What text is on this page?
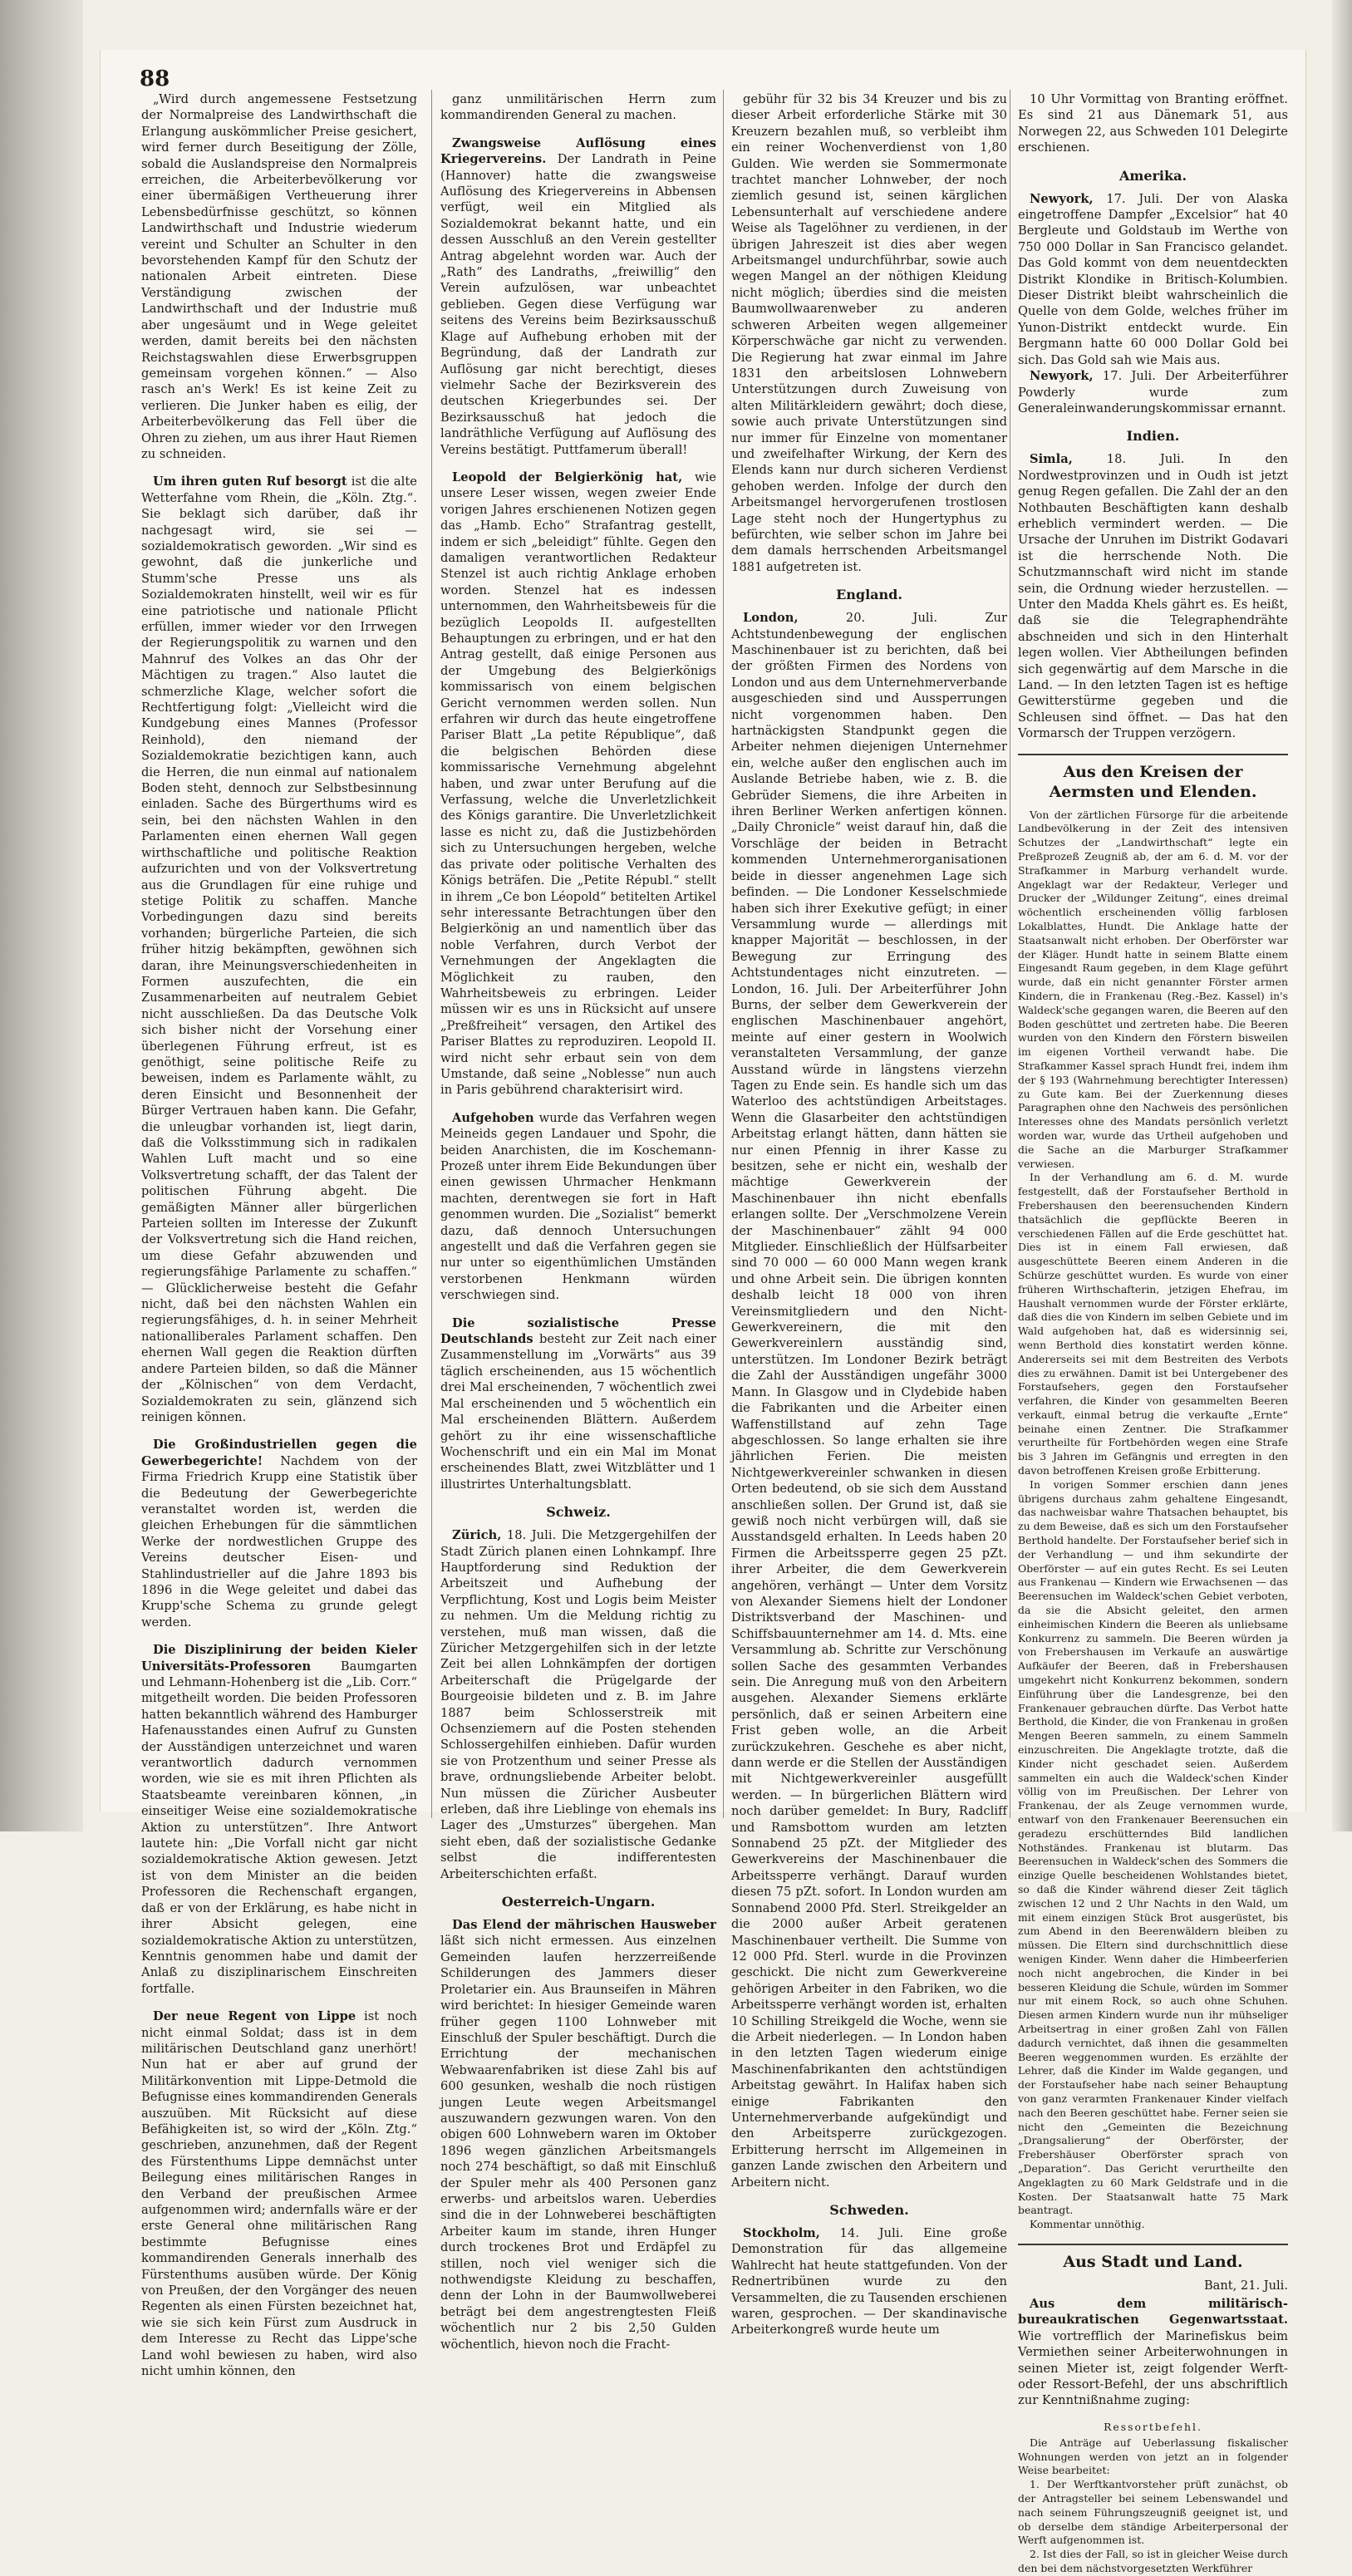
88

„Wird durch angemessene Festsetzung der Normalpreise des Landwirthschaft die Erlangung auskömmlicher Preise gesichert, wird ferner durch Beseitigung der Zölle, sobald die Auslandspreise den Normalpreis erreichen, die Arbeiterbevölkerung vor einer übermäßigen Vertheuerung ihrer Lebensbedürfnisse geschützt, so können Landwirthschaft und Industrie wiederum vereint und Schulter an Schulter in den bevorstehenden Kampf für den Schutz der nationalen Arbeit eintreten. Diese Verständigung zwischen der Landwirthschaft und der Industrie muß aber ungesäumt und in Wege geleitet werden, damit bereits bei den nächsten Reichstagswahlen diese Erwerbsgruppen gemeinsam vorgehen können.“ — Also rasch an's Werk! Es ist keine Zeit zu verlieren. Die Junker haben es eilig, der Arbeiterbevölkerung das Fell über die Ohren zu ziehen, um aus ihrer Haut Riemen zu schneiden.

Um ihren guten Ruf besorgt ist die alte Wetterfahne vom Rhein, die „Köln. Ztg.“. Sie beklagt sich darüber, daß ihr nachgesagt wird, sie sei — sozialdemokratisch geworden. „Wir sind es gewohnt, daß die junkerliche und Stumm'sche Presse uns als Sozialdemokraten hinstellt, weil wir es für eine patriotische und nationale Pflicht erfüllen, immer wieder vor den Irrwegen der Regierungspolitik zu warnen und den Mahnruf des Volkes an das Ohr der Mächtigen zu tragen.“ Also lautet die schmerzliche Klage, welcher sofort die Rechtfertigung folgt: „Vielleicht wird die Kundgebung eines Mannes (Professor Reinhold), den niemand der Sozialdemokratie bezichtigen kann, auch die Herren, die nun einmal auf nationalem Boden steht, dennoch zur Selbstbesinnung einladen. Sache des Bürgerthums wird es sein, bei den nächsten Wahlen in den Parlamenten einen ehernen Wall gegen wirthschaftliche und politische Reaktion aufzurichten und von der Volksvertretung aus die Grundlagen für eine ruhige und stetige Politik zu schaffen. Manche Vorbedingungen dazu sind bereits vorhanden; bürgerliche Parteien, die sich früher hitzig bekämpften, gewöhnen sich daran, ihre Meinungsverschiedenheiten in Formen auszufechten, die ein Zusammenarbeiten auf neutralem Gebiet nicht ausschließen. Da das Deutsche Volk sich bisher nicht der Vorsehung einer überlegenen Führung erfreut, ist es genöthigt, seine politische Reife zu beweisen, indem es Parlamente wählt, zu deren Einsicht und Besonnenheit der Bürger Vertrauen haben kann. Die Gefahr, die unleugbar vorhanden ist, liegt darin, daß die Volksstimmung sich in radikalen Wahlen Luft macht und so eine Volksvertretung schafft, der das Talent der politischen Führung abgeht. Die gemäßigten Männer aller bürgerlichen Parteien sollten im Interesse der Zukunft der Volksvertretung sich die Hand reichen, um diese Gefahr abzuwenden und regierungsfähige Parlamente zu schaffen.“ — Glücklicherweise besteht die Gefahr nicht, daß bei den nächsten Wahlen ein regierungsfähiges, d. h. in seiner Mehrheit nationalliberales Parlament schaffen. Den ehernen Wall gegen die Reaktion dürften andere Parteien bilden, so daß die Männer der „Kölnischen“ von dem Verdacht, Sozialdemokraten zu sein, glänzend sich reinigen können.

Die Großindustriellen gegen die Gewerbegerichte! Nachdem von der Firma Friedrich Krupp eine Statistik über die Bedeutung der Gewerbegerichte veranstaltet worden ist, werden die gleichen Erhebungen für die sämmtlichen Werke der nordwestlichen Gruppe des Vereins deutscher Eisen- und Stahlindustrieller auf die Jahre 1893 bis 1896 in die Wege geleitet und dabei das Krupp'sche Schema zu grunde gelegt werden.

Die Disziplinirung der beiden Kieler Universitäts-Professoren Baumgarten und Lehmann-Hohenberg ist die „Lib. Corr.“ mitgetheilt worden. Die beiden Professoren hatten bekanntlich während des Hamburger Hafenausstandes einen Aufruf zu Gunsten der Ausständigen unterzeichnet und waren verantwortlich dadurch vernommen worden, wie sie es mit ihren Pflichten als Staatsbeamte vereinbaren können, „in einseitiger Weise eine sozialdemokratische Aktion zu unterstützen“. Ihre Antwort lautete hin: „Die Vorfall nicht gar nicht sozialdemokratische Aktion gewesen. Jetzt ist von dem Minister an die beiden Professoren die Rechenschaft ergangen, daß er von der Erklärung, es habe nicht in ihrer Absicht gelegen, eine sozialdemokratische Aktion zu unterstützen, Kenntnis genommen habe und damit der Anlaß zu disziplinarischem Einschreiten fortfalle.

Der neue Regent von Lippe ist noch nicht einmal Soldat; dass ist in dem militärischen Deutschland ganz unerhört! Nun hat er aber auf grund der Militärkonvention mit Lippe-Detmold die Befugnisse eines kommandirenden Generals auszuüben. Mit Rücksicht auf diese Befähigkeiten ist, so wird der „Köln. Ztg.“ geschrieben, anzunehmen, daß der Regent des Fürstenthums Lippe demnächst unter Beilegung eines militärischen Ranges in den Verband der preußischen Armee aufgenommen wird; andernfalls wäre er der erste General ohne militärischen Rang bestimmte Befugnisse eines kommandirenden Generals innerhalb des Fürstenthums ausüben würde. Der König von Preußen, der den Vorgänger des neuen Regenten als einen Fürsten bezeichnet hat, wie sie sich kein Fürst zum Ausdruck in dem Interesse zu Recht das Lippe'sche Land wohl bewiesen zu haben, wird also nicht umhin können, den

ganz unmilitärischen Herrn zum kommandirenden General zu machen.

Zwangsweise Auflösung eines Kriegervereins. Der Landrath in Peine (Hannover) hatte die zwangsweise Auflösung des Kriegervereins in Abbensen verfügt, weil ein Mitglied als Sozialdemokrat bekannt hatte, und ein dessen Ausschluß an den Verein gestellter Antrag abgelehnt worden war. Auch der „Rath“ des Landraths, „freiwillig“ den Verein aufzulösen, war unbeachtet geblieben. Gegen diese Verfügung war seitens des Vereins beim Bezirksausschuß Klage auf Aufhebung erhoben mit der Begründung, daß der Landrath zur Auflösung gar nicht berechtigt, dieses vielmehr Sache der Bezirksverein des deutschen Kriegerbundes sei. Der Bezirksausschuß hat jedoch die landräthliche Verfügung auf Auflösung des Vereins bestätigt. Puttfamerum überall!

Leopold der Belgierkönig hat, wie unsere Leser wissen, wegen zweier Ende vorigen Jahres erschienenen Notizen gegen das „Hamb. Echo“ Strafantrag gestellt, indem er sich „beleidigt“ fühlte. Gegen den damaligen verantwortlichen Redakteur Stenzel ist auch richtig Anklage erhoben worden. Stenzel hat es indessen unternommen, den Wahrheitsbeweis für die bezüglich Leopolds II. aufgestellten Behauptungen zu erbringen, und er hat den Antrag gestellt, daß einige Personen aus der Umgebung des Belgierkönigs kommissarisch von einem belgischen Gericht vernommen werden sollen. Nun erfahren wir durch das heute eingetroffene Pariser Blatt „La petite République“, daß die belgischen Behörden diese kommissarische Vernehmung abgelehnt haben, und zwar unter Berufung auf die Verfassung, welche die Unverletzlichkeit des Königs garantire. Die Unverletzlichkeit lasse es nicht zu, daß die Justizbehörden sich zu Untersuchungen hergeben, welche das private oder politische Verhalten des Königs beträfen. Die „Petite Républ.“ stellt in ihrem „Ce bon Léopold“ betitelten Artikel sehr interessante Betrachtungen über den Belgierkönig an und namentlich über das noble Verfahren, durch Verbot der Vernehmungen der Angeklagten die Möglichkeit zu rauben, den Wahrheitsbeweis zu erbringen. Leider müssen wir es uns in Rücksicht auf unsere „Preßfreiheit“ versagen, den Artikel des Pariser Blattes zu reproduziren. Leopold II. wird nicht sehr erbaut sein von dem Umstande, daß seine „Noblesse“ nun auch in Paris gebührend charakterisirt wird.

Aufgehoben wurde das Verfahren wegen Meineids gegen Landauer und Spohr, die beiden Anarchisten, die im Koschemann-Prozeß unter ihrem Eide Bekundungen über einen gewissen Uhrmacher Henkmann machten, derentwegen sie fort in Haft genommen wurden. Die „Sozialist“ bemerkt dazu, daß dennoch Untersuchungen angestellt und daß die Verfahren gegen sie nur unter so eigenthümlichen Umständen verstorbenen Henkmann würden verschwiegen sind.

Die sozialistische Presse Deutschlands besteht zur Zeit nach einer Zusammenstellung im „Vorwärts“ aus 39 täglich erscheinenden, aus 15 wöchentlich drei Mal erscheinenden, 7 wöchentlich zwei Mal erscheinenden und 5 wöchentlich ein Mal erscheinenden Blättern. Außerdem gehört zu ihr eine wissenschaftliche Wochenschrift und ein ein Mal im Monat erscheinendes Blatt, zwei Witzblätter und 1 illustrirtes Unterhaltungsblatt.

Schweiz.

Zürich, 18. Juli. Die Metzgergehilfen der Stadt Zürich planen einen Lohnkampf. Ihre Hauptforderung sind Reduktion der Arbeitszeit und Aufhebung der Verpflichtung, Kost und Logis beim Meister zu nehmen. Um die Meldung richtig zu verstehen, muß man wissen, daß die Züricher Metzgergehilfen sich in der letzte Zeit bei allen Lohnkämpfen der dortigen Arbeiterschaft die Prügelgarde der Bourgeoisie bildeten und z. B. im Jahre 1887 beim Schlosserstreik mit Ochsenziemern auf die Posten stehenden Schlossergehilfen einhieben. Dafür wurden sie von Protzenthum und seiner Presse als brave, ordnungsliebende Arbeiter belobt. Nun müssen die Züricher Ausbeuter erleben, daß ihre Lieblinge von ehemals ins Lager des „Umsturzes“ übergehen. Man sieht eben, daß der sozialistische Gedanke selbst die indifferentesten Arbeiterschichten erfaßt.

Oesterreich-Ungarn.

Das Elend der mährischen Hausweber läßt sich nicht ermessen. Aus einzelnen Gemeinden laufen herzzerreißende Schilderungen des Jammers dieser Proletarier ein. Aus Braunseifen in Mähren wird berichtet: In hiesiger Gemeinde waren früher gegen 1100 Lohnweber mit Einschluß der Spuler beschäftigt. Durch die Errichtung der mechanischen Webwaarenfabriken ist diese Zahl bis auf 600 gesunken, weshalb die noch rüstigen jungen Leute wegen Arbeitsmangel auszuwandern gezwungen waren. Von den obigen 600 Lohnwebern waren im Oktober 1896 wegen gänzlichen Arbeitsmangels noch 274 beschäftigt, so daß mit Einschluß der Spuler mehr als 400 Personen ganz erwerbs- und arbeitslos waren. Ueberdies sind die in der Lohnweberei beschäftigten Arbeiter kaum im stande, ihren Hunger durch trockenes Brot und Erdäpfel zu stillen, noch viel weniger sich die nothwendigste Kleidung zu beschaffen, denn der Lohn in der Baumwollweberei beträgt bei dem angestrengtesten Fleiß wöchentlich nur 2 bis 2,50 Gulden wöchentlich, hievon noch die Fracht-

gebühr für 32 bis 34 Kreuzer und bis zu dieser Arbeit erforderliche Stärke mit 30 Kreuzern bezahlen muß, so verbleibt ihm ein reiner Wochenverdienst von 1,80 Gulden. Wie werden sie Sommermonate trachtet mancher Lohnweber, der noch ziemlich gesund ist, seinen kärglichen Lebensunterhalt auf verschiedene andere Weise als Tagelöhner zu verdienen, in der übrigen Jahreszeit ist dies aber wegen Arbeitsmangel undurchführbar, sowie auch wegen Mangel an der nöthigen Kleidung nicht möglich; überdies sind die meisten Baumwollwaarenweber zu anderen schweren Arbeiten wegen allgemeiner Körperschwäche gar nicht zu verwenden. Die Regierung hat zwar einmal im Jahre 1831 den arbeitslosen Lohnwebern Unterstützungen durch Zuweisung von alten Militärkleidern gewährt; doch diese, sowie auch private Unterstützungen sind nur immer für Einzelne von momentaner und zweifelhafter Wirkung, der Kern des Elends kann nur durch sicheren Verdienst gehoben werden. Infolge der durch den Arbeitsmangel hervorgerufenen trostlosen Lage steht noch der Hungertyphus zu befürchten, wie selber schon im Jahre bei dem damals herrschenden Arbeitsmangel 1881 aufgetreten ist.

England.

London, 20. Juli. Zur Achtstundenbewegung der englischen Maschinenbauer ist zu berichten, daß bei der größten Firmen des Nordens von London und aus dem Unternehmerverbande ausgeschieden sind und Aussperrungen nicht vorgenommen haben. Den hartnäckigsten Standpunkt gegen die Arbeiter nehmen diejenigen Unternehmer ein, welche außer den englischen auch im Auslande Betriebe haben, wie z. B. die Gebrüder Siemens, die ihre Arbeiten in ihren Berliner Werken anfertigen können. „Daily Chronicle“ weist darauf hin, daß die Vorschläge der beiden in Betracht kommenden Unternehmerorganisationen beide in diesser angenehmen Lage sich befinden. — Die Londoner Kesselschmiede haben sich ihrer Exekutive gefügt; in einer Versammlung wurde — allerdings mit knapper Majorität — beschlossen, in der Bewegung zur Erringung des Achtstundentages nicht einzutreten. — London, 16. Juli. Der Arbeiterführer John Burns, der selber dem Gewerkverein der englischen Maschinenbauer angehört, meinte auf einer gestern in Woolwich veranstalteten Versammlung, der ganze Ausstand würde in längstens vierzehn Tagen zu Ende sein. Es handle sich um das Waterloo des achtstündigen Arbeitstages. Wenn die Glasarbeiter den achtstündigen Arbeitstag erlangt hätten, dann hätten sie nur einen Pfennig in ihrer Kasse zu besitzen, sehe er nicht ein, weshalb der mächtige Gewerkverein der Maschinenbauer ihn nicht ebenfalls erlangen sollte. Der „Verschmolzene Verein der Maschinenbauer“ zählt 94 000 Mitglieder. Einschließlich der Hülfsarbeiter sind 70 000 — 60 000 Mann wegen krank und ohne Arbeit sein. Die übrigen konnten deshalb leicht 18 000 von ihren Vereinsmitgliedern und den Nicht-Gewerkvereinern, die mit den Gewerkvereinlern ausständig sind, unterstützen. Im Londoner Bezirk beträgt die Zahl der Ausständigen ungefähr 3000 Mann. In Glasgow und in Clydebide haben die Fabrikanten und die Arbeiter einen Waffenstillstand auf zehn Tage abgeschlossen. So lange erhalten sie ihre jährlichen Ferien. Die meisten Nichtgewerkvereinler schwanken in diesen Orten bedeutend, ob sie sich dem Ausstand anschließen sollen. Der Grund ist, daß sie gewiß noch nicht verbürgen will, daß sie Ausstandsgeld erhalten. In Leeds haben 20 Firmen die Arbeitssperre gegen 25 pZt. ihrer Arbeiter, die dem Gewerkverein angehören, verhängt — Unter dem Vorsitz von Alexander Siemens hielt der Londoner Distriktsverband der Maschinen- und Schiffsbauunternehmer am 14. d. Mts. eine Versammlung ab. Schritte zur Verschönung sollen Sache des gesammten Verbandes sein. Die Anregung muß von den Arbeitern ausgehen. Alexander Siemens erklärte persönlich, daß er seinen Arbeitern eine Frist geben wolle, an die Arbeit zurückzukehren. Geschehe es aber nicht, dann werde er die Stellen der Ausständigen mit Nichtgewerkvereinler ausgefüllt werden. — In bürgerlichen Blättern wird noch darüber gemeldet: In Bury, Radcliff und Ramsbottom wurden am letzten Sonnabend 25 pZt. der Mitglieder des Gewerkvereins der Maschinenbauer die Arbeitssperre verhängt. Darauf wurden diesen 75 pZt. sofort. In London wurden am Sonnabend 2000 Pfd. Sterl. Streikgelder an die 2000 außer Arbeit geratenen Maschinenbauer vertheilt. Die Summe von 12 000 Pfd. Sterl. wurde in die Provinzen geschickt. Die nicht zum Gewerkvereine gehörigen Arbeiter in den Fabriken, wo die Arbeitssperre verhängt worden ist, erhalten 10 Schilling Streikgeld die Woche, wenn sie die Arbeit niederlegen. — In London haben in den letzten Tagen wiederum einige Maschinenfabrikanten den achtstündigen Arbeitstag gewährt. In Halifax haben sich einige Fabrikanten den Unternehmerverbande aufgekündigt und den Arbeitsperre zurückgezogen. Erbitterung herrscht im Allgemeinen in ganzen Lande zwischen den Arbeitern und Arbeitern nicht.

Schweden.

Stockholm, 14. Juli. Eine große Demonstration für das allgemeine Wahlrecht hat heute stattgefunden. Von der Rednertribünen wurde zu den Versammelten, die zu Tausenden erschienen waren, gesprochen. — Der skandinavische Arbeiterkongreß wurde heute um

10 Uhr Vormittag von Branting eröffnet. Es sind 21 aus Dänemark 51, aus Norwegen 22, aus Schweden 101 Delegirte erschienen.

Amerika.

Newyork, 17. Juli. Der von Alaska eingetroffene Dampfer „Excelsior“ hat 40 Bergleute und Goldstaub im Werthe von 750 000 Dollar in San Francisco gelandet. Das Gold kommt von dem neuentdeckten Distrikt Klondike in Britisch-Kolumbien. Dieser Distrikt bleibt wahrscheinlich die Quelle von dem Golde, welches früher im Yunon-Distrikt entdeckt wurde. Ein Bergmann hatte 60 000 Dollar Gold bei sich. Das Gold sah wie Mais aus.

Newyork, 17. Juli. Der Arbeiterführer Powderly wurde zum Generaleinwanderungskommissar ernannt.

Indien.

Simla, 18. Juli. In den Nordwestprovinzen und in Oudh ist jetzt genug Regen gefallen. Die Zahl der an den Nothbauten Beschäftigten kann deshalb erheblich vermindert werden. — Die Ursache der Unruhen im Distrikt Godavari ist die herrschende Noth. Die Schutzmannschaft wird nicht im stande sein, die Ordnung wieder herzustellen. — Unter den Madda Khels gährt es. Es heißt, daß sie die Telegraphendrähte abschneiden und sich in den Hinterhalt legen wollen. Vier Abtheilungen befinden sich gegenwärtig auf dem Marsche in die Land. — In den letzten Tagen ist es heftige Gewitterstürme gegeben und die Schleusen sind öffnet. — Das hat den Vormarsch der Truppen verzögern.

Aus den Kreisen der Aermsten und Elenden.

Von der zärtlichen Fürsorge für die arbeitende Landbevölkerung in der Zeit des intensiven Schutzes der „Landwirthschaft“ legte ein Preßprozeß Zeugniß ab, der am 6. d. M. vor der Strafkammer in Marburg verhandelt wurde. Angeklagt war der Redakteur, Verleger und Drucker der „Wildunger Zeitung“, eines dreimal wöchentlich erscheinenden völlig farblosen Lokalblattes, Hundt. Die Anklage hatte der Staatsanwalt nicht erhoben. Der Oberförster war der Kläger. Hundt hatte in seinem Blatte einem Eingesandt Raum gegeben, in dem Klage geführt wurde, daß ein nicht genannter Förster armen Kindern, die in Frankenau (Reg.-Bez. Kassel) in's Waldeck'sche gegangen waren, die Beeren auf den Boden geschüttet und zertreten habe. Die Beeren wurden von den Kindern den Förstern bisweilen im eigenen Vortheil verwandt habe. Die Strafkammer Kassel sprach Hundt frei, indem ihm der § 193 (Wahrnehmung berechtigter Interessen) zu Gute kam. Bei der Zuerkennung dieses Paragraphen ohne den Nachweis des persönlichen Interesses ohne des Mandats persönlich verletzt worden war, wurde das Urtheil aufgehoben und die Sache an die Marburger Strafkammer verwiesen.

In der Verhandlung am 6. d. M. wurde festgestellt, daß der Forstaufseher Berthold in Frebershausen den beerensuchenden Kindern thatsächlich die gepflückte Beeren in verschiedenen Fällen auf die Erde geschüttet hat. Dies ist in einem Fall erwiesen, daß ausgeschüttete Beeren einem Anderen in die Schürze geschüttet wurden. Es wurde von einer früheren Wirthschafterin, jetzigen Ehefrau, im Haushalt vernommen wurde der Förster erklärte, daß dies die von Kindern im selben Gebiete und im Wald aufgehoben hat, daß es widersinnig sei, wenn Berthold dies konstatirt werden könne. Andererseits sei mit dem Bestreiten des Verbots dies zu erwähnen. Damit ist bei Untergebener des Forstaufsehers, gegen den Forstaufseher verfahren, die Kinder von gesammelten Beeren verkauft, einmal betrug die verkaufte „Ernte“ beinahe einen Zentner. Die Strafkammer verurtheilte für Fortbehörden wegen eine Strafe bis 3 Jahren im Gefängnis und erregten in den davon betroffenen Kreisen große Erbitterung.

In vorigen Sommer erschien dann jenes übrigens durchaus zahm gehaltene Eingesandt, das nachweisbar wahre Thatsachen behauptet, bis zu dem Beweise, daß es sich um den Forstaufseher Berthold handelte. Der Forstaufseher berief sich in der Verhandlung — und ihm sekundirte der Oberförster — auf ein gutes Recht. Es sei Leuten aus Frankenau — Kindern wie Erwachsenen — das Beerensuchen im Waldeck'schen Gebiet verboten, da sie die Absicht geleitet, den armen einheimischen Kindern die Beeren als unliebsame Konkurrenz zu sammeln. Die Beeren würden ja von Frebershausen im Verkaufe an auswärtige Aufkäufer der Beeren, daß in Frebershausen umgekehrt nicht Konkurrenz bekommen, sondern Einführung über die Landesgrenze, bei den Frankenauer gebrauchen dürfte. Das Verbot hatte Berthold, die Kinder, die von Frankenau in großen Mengen Beeren sammeln, zu einem Sammeln einzuschreiten. Die Angeklagte trotzte, daß die Kinder nicht geschadet seien. Außerdem sammelten ein auch die Waldeck'schen Kinder völlig von im Preußischen. Der Lehrer von Frankenau, der als Zeuge vernommen wurde, entwarf von den Frankenauer Beerensuchen ein geradezu erschütterndes Bild landlichen Nothständes. Frankenau ist blutarm. Das Beerensuchen in Waldeck'schen des Sommers die einzige Quelle bescheidenen Wohlstandes bietet, so daß die Kinder während dieser Zeit täglich zwischen 12 und 2 Uhr Nachts in den Wald, um mit einem einzigen Stück Brot ausgerüstet, bis zum Abend in den Beerenwäldern bleiben zu müssen. Die Eltern sind durchschnittlich diese wenigen Kinder. Wenn daher die Himbeerferien noch nicht angebrochen, die Kinder in bei besseren Kleidung die Schule, würden im Sommer nur mit einem Rock, so auch ohne Schuhen. Diesen armen Kindern wurde nun ihr mühseliger Arbeitsertrag in einer großen Zahl von Fällen dadurch vernichtet, daß ihnen die gesammelten Beeren weggenommen wurden. Es erzählte der Lehrer, daß die Kinder im Walde gegangen, und der Forstaufseher habe nach seiner Behauptung von ganz verarmten Frankenauer Kinder vielfach nach den Beeren geschüttet habe. Ferner seien sie nicht den „Gemeinten die Bezeichnung „Drangsalierung“ der Oberförster, der Frebershäuser Oberförster sprach von „Deparation“. Das Gericht verurtheilte den Angeklagten zu 60 Mark Geldstrafe und in die Kosten. Der Staatsanwalt hatte 75 Mark beantragt.

Kommentar unnöthig.

Aus Stadt und Land.
Bant, 21. Juli.

Aus dem militärisch-bureaukratischen Gegenwartsstaat. Wie vortrefflich der Marinefiskus beim Vermiethen seiner Arbeiterwohnungen in seinen Mieter ist, zeigt folgender Werft- oder Ressort-Befehl, der uns abschriftlich zur Kenntnißnahme zuging:

Ressortbefehl.

Die Anträge auf Ueberlassung fiskalischer Wohnungen werden von jetzt an in folgender Weise bearbeitet:

1. Der Werftkantvorsteher prüft zunächst, ob der Antragsteller bei seinem Lebenswandel und nach seinem Führungszeugniß geeignet ist, und ob derselbe dem ständige Arbeiterpersonal der Werft aufgenommen ist.

2. Ist dies der Fall, so ist in gleicher Weise durch den bei dem nächstvorgesetzten Werkführer
